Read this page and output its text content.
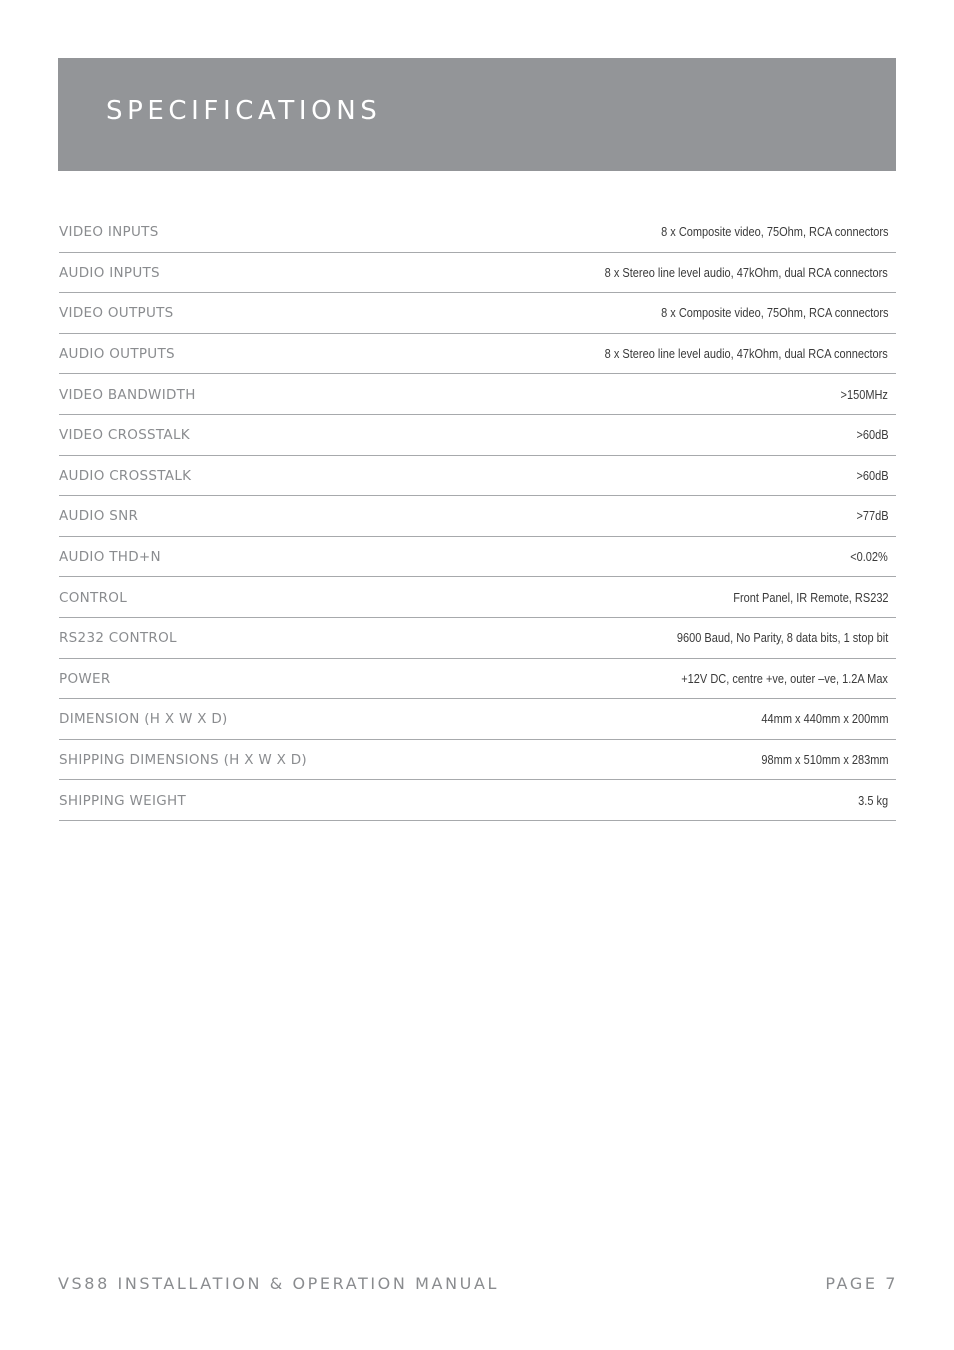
SPECIFICATIONS
VIDEO INPUTS	8 x Composite video, 75Ohm, RCA connectors
AUDIO INPUTS	8 x Stereo line level audio, 47kOhm, dual RCA connectors
VIDEO OUTPUTS	8 x Composite video, 75Ohm, RCA connectors
AUDIO OUTPUTS	8 x Stereo line level audio, 47kOhm, dual RCA connectors
VIDEO BANDWIDTH	>150MHz
VIDEO CROSSTALK	>60dB
AUDIO CROSSTALK	>60dB
AUDIO SNR	>77dB
AUDIO THD+N	<0.02%
CONTROL	Front Panel, IR Remote, RS232
RS232 CONTROL	9600 Baud, No Parity, 8 data bits, 1 stop bit
POWER	+12V DC, centre +ve, outer –ve, 1.2A Max
DIMENSION (H X W X D)	44mm x 440mm x 200mm
SHIPPING DIMENSIONS (H X W X D)	98mm x 510mm x 283mm
SHIPPING WEIGHT	3.5 kg
VS88 INSTALLATION & OPERATION MANUAL	PAGE 7
